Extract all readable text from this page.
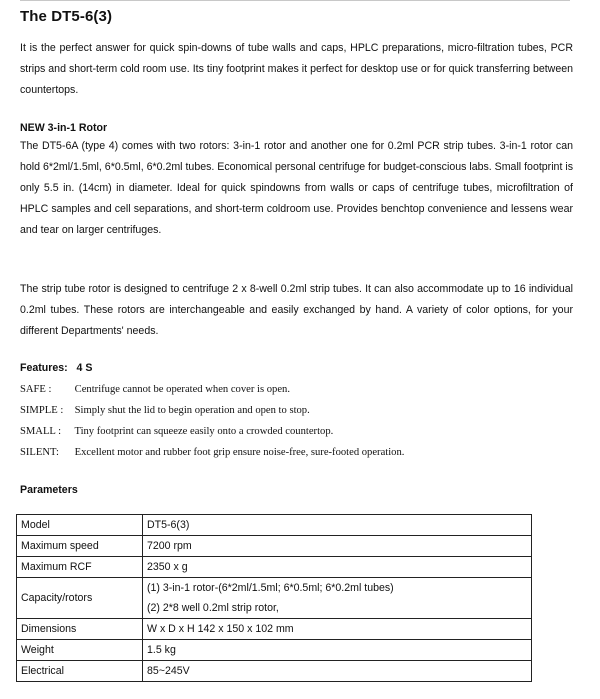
The DT5-6(3)

It is the perfect answer for quick spin-downs of tube walls and caps, HPLC preparations, micro-filtration tubes, PCR strips and short-term cold room use. Its tiny footprint makes it perfect for desktop use or for quick transferring between countertops.

NEW 3-in-1 Rotor

The DT5-6A (type 4) comes with two rotors: 3-in-1 rotor and another one for 0.2ml PCR strip tubes. 3-in-1 rotor can hold 6*2ml/1.5ml, 6*0.5ml, 6*0.2ml tubes. Economical personal centrifuge for budget-conscious labs. Small footprint is only 5.5 in. (14cm) in diameter. Ideal for quick spindowns from walls or caps of centrifuge tubes, microfiltration of HPLC samples and cell separations, and short-term coldroom use. Provides benchtop convenience and lessens wear and tear on larger centrifuges.

The strip tube rotor is designed to centrifuge 2 x 8-well 0.2ml strip tubes. It can also accommodate up to 16 individual 0.2ml tubes. These rotors are interchangeable and easily exchanged by hand. A variety of color options, for your different Departments' needs.

Features: 4 S

SAFE : Centrifuge cannot be operated when cover is open.

SIMPLE : Simply shut the lid to begin operation and open to stop.

SMALL : Tiny footprint can squeeze easily onto a crowded countertop.

SILENT: Excellent motor and rubber foot grip ensure noise-free, sure-footed operation.

Parameters

Model	DT5-6(3)
Maximum speed	7200 rpm
Maximum RCF	2350 x g
Capacity/rotors	(1) 3-in-1 rotor-(6*2ml/1.5ml; 6*0.5ml; 6*0.2ml tubes)
(2) 2*8 well 0.2ml strip rotor,

Dimensions	W x D x H 142 x 150 x 102 mm
Weight	1.5 kg
Electrical	85~245V
